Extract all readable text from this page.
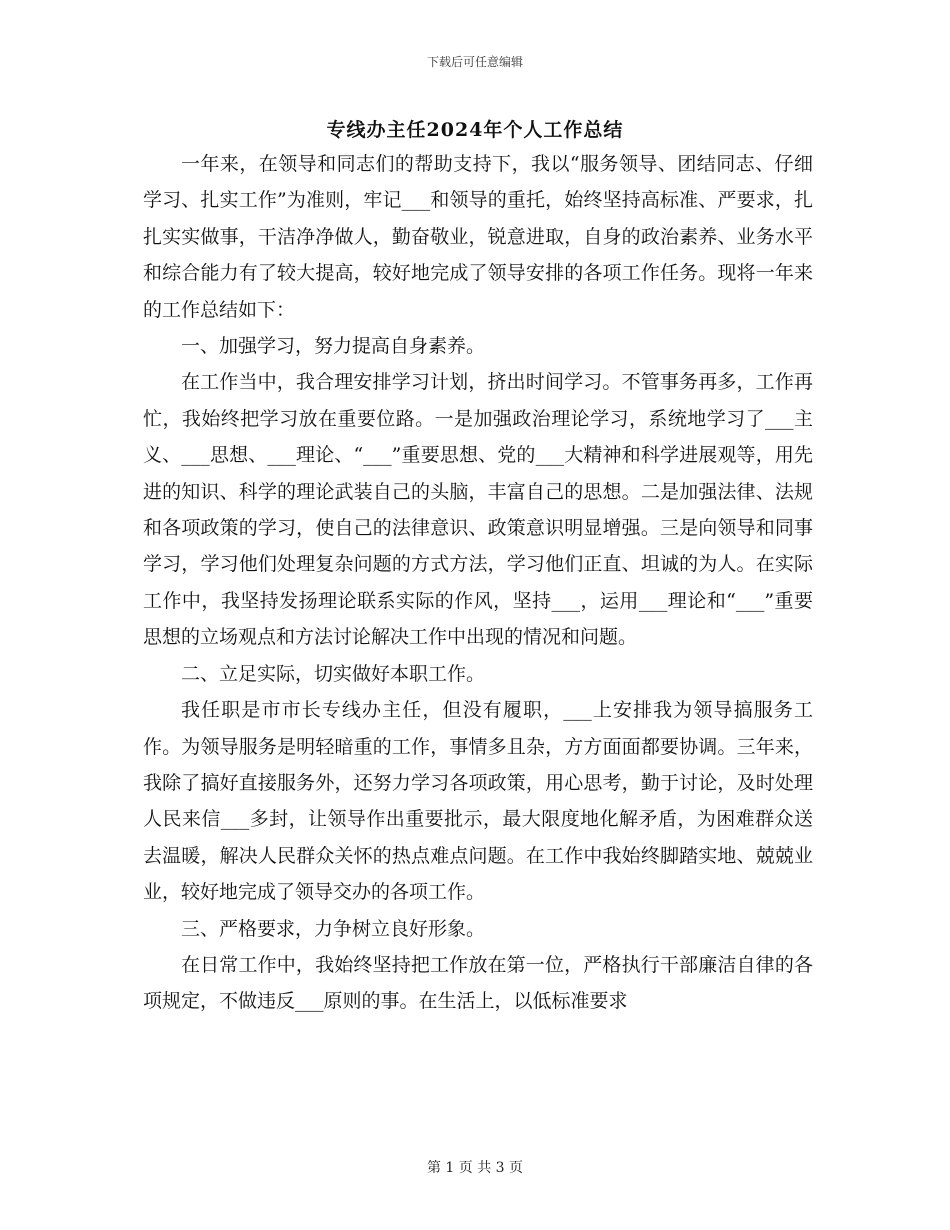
下载后可任意编辑
专线办主任2024年个人工作总结

一年来，在领导和同志们的帮助支持下，我以“服务领导、团结同志、仔细学习、扎实工作”为准则，牢记___和领导的重托，始终坚持高标准、严要求，扎扎实实做事，干洁净净做人，勤奋敬业，锐意进取，自身的政治素养、业务水平和综合能力有了较大提高，较好地完成了领导安排的各项工作任务。现将一年来的工作总结如下：

一、加强学习，努力提高自身素养。

在工作当中，我合理安排学习计划，挤出时间学习。不管事务再多，工作再忙，我始终把学习放在重要位路。一是加强政治理论学习，系统地学习了___主义、___思想、___理论、“___”重要思想、党的___大精神和科学进展观等，用先进的知识、科学的理论武装自己的头脑，丰富自己的思想。二是加强法律、法规和各项政策的学习，使自己的法律意识、政策意识明显增强。三是向领导和同事学习，学习他们处理复杂问题的方式方法，学习他们正直、坦诚的为人。在实际工作中，我坚持发扬理论联系实际的作风，坚持___，运用___理论和“___”重要思想的立场观点和方法讨论解决工作中出现的情况和问题。

二、立足实际，切实做好本职工作。

我任职是市市长专线办主任，但没有履职，___上安排我为领导搞服务工作。为领导服务是明轻暗重的工作，事情多且杂，方方面面都要协调。三年来，我除了搞好直接服务外，还努力学习各项政策，用心思考，勤于讨论，及时处理人民来信___多封，让领导作出重要批示，最大限度地化解矛盾，为困难群众送去温暖，解决人民群众关怀的热点难点问题。在工作中我始终脚踏实地、兢兢业业，较好地完成了领导交办的各项工作。

三、严格要求，力争树立良好形象。

在日常工作中，我始终坚持把工作放在第一位，严格执行干部廉洁自律的各项规定，不做违反___原则的事。在生活上，以低标准要求

第 1 页 共 3 页
